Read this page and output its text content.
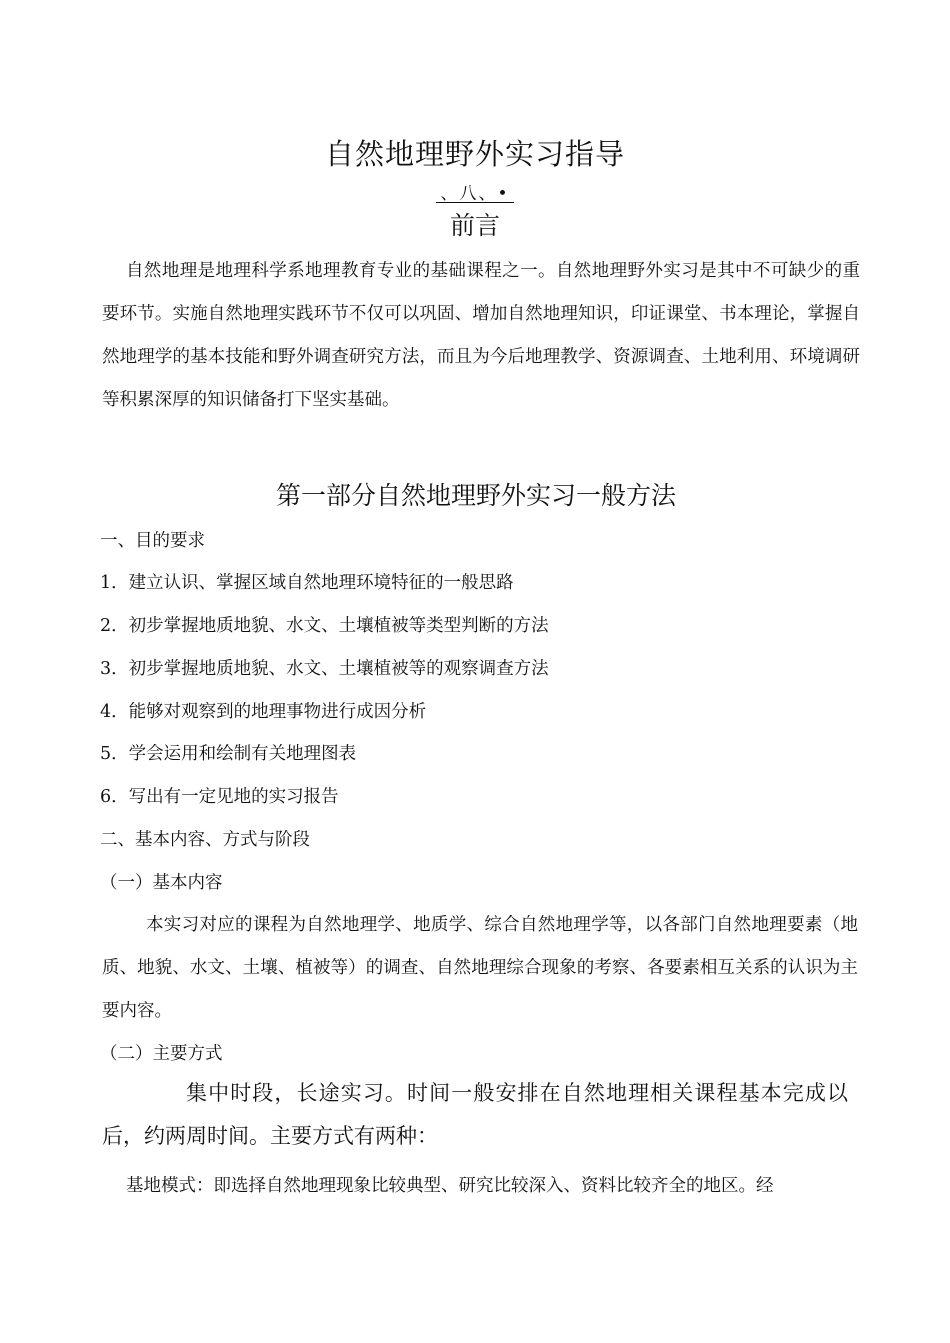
自然地理野外实习指导
、八、•
前言

自然地理是地理科学系地理教育专业的基础课程之一。自然地理野外实习是其中不可缺少的重要环节。实施自然地理实践环节不仅可以巩固、增加自然地理知识，印证课堂、书本理论，掌握自然地理学的基本技能和野外调查研究方法，而且为今后地理教学、资源调查、土地利用、环境调研等积累深厚的知识储备打下坚实基础。

第一部分自然地理野外实习一般方法

一、目的要求

1．建立认识、掌握区域自然地理环境特征的一般思路

2．初步掌握地质地貌、水文、土壤植被等类型判断的方法

3．初步掌握地质地貌、水文、土壤植被等的观察调查方法

4．能够对观察到的地理事物进行成因分析

5．学会运用和绘制有关地理图表

6．写出有一定见地的实习报告

二、基本内容、方式与阶段

（一）基本内容

本实习对应的课程为自然地理学、地质学、综合自然地理学等，以各部门自然地理要素（地质、地貌、水文、土壤、植被等）的调查、自然地理综合现象的考察、各要素相互关系的认识为主要内容。

（二）主要方式

集中时段，长途实习。时间一般安排在自然地理相关课程基本完成以后，约两周时间。主要方式有两种：

基地模式：即选择自然地理现象比较典型、研究比较深入、资料比较齐全的地区。经
